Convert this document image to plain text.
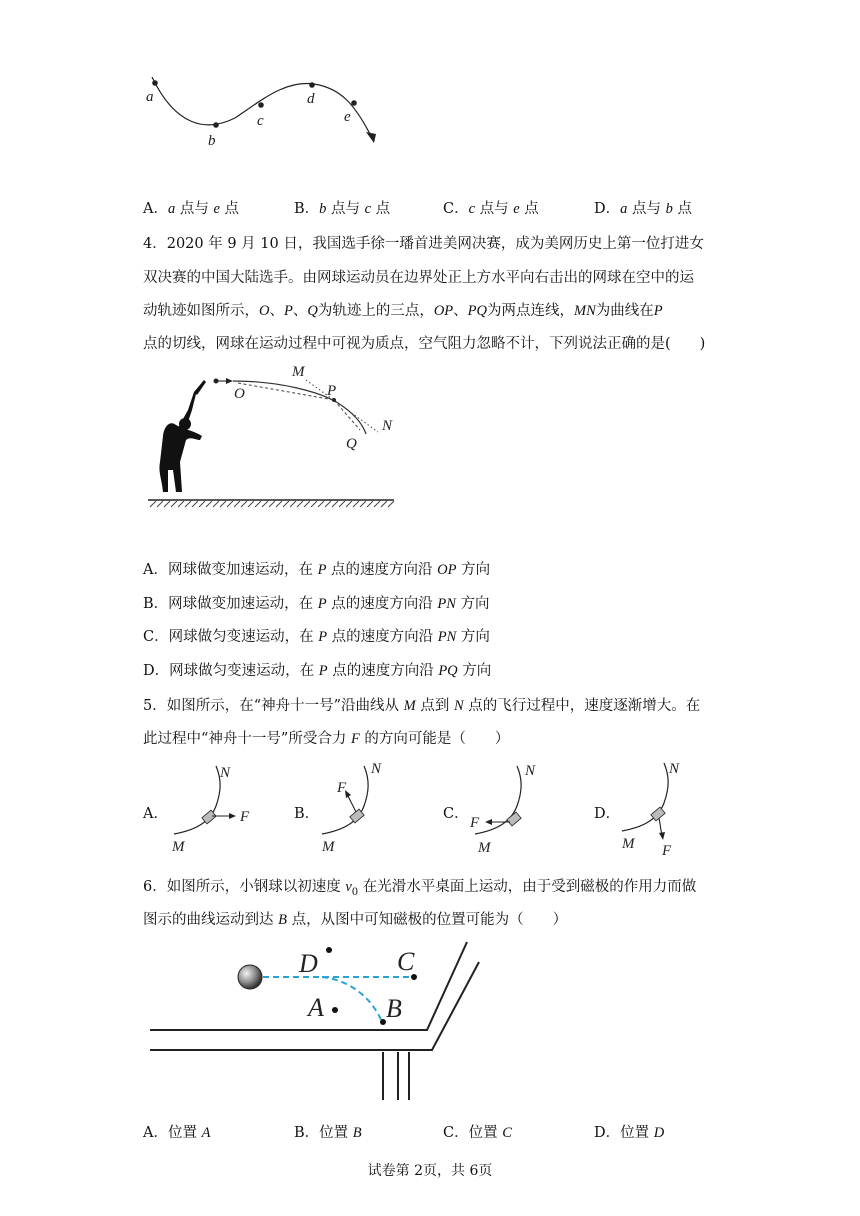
a
b
c
d
e
A．a 点与 e 点	B．b 点与 c 点	C．c 点与 e 点	D．a 点与 b 点
4．2020 年 9 月 10 日，我国选手徐一璠首进美网决赛，成为美网历史上第一位打进女
双决赛的中国大陆选手。由网球运动员在边界处正上方水平向右击出的网球在空中的运
动轨迹如图所示，O、P、Q为轨迹上的三点，OP、PQ为两点连线，MN为曲线在P
点的切线，网球在运动过程中可视为质点，空气阻力忽略不计，下列说法正确的是(　　)
M
P
O
N
Q
A．网球做变加速运动，在 P 点的速度方向沿 OP 方向
B．网球做变加速运动，在 P 点的速度方向沿 PN 方向
C．网球做匀变速运动，在 P 点的速度方向沿 PN 方向
D．网球做匀变速运动，在 P 点的速度方向沿 PQ 方向
5．如图所示，在“神舟十一号”沿曲线从 M 点到 N 点的飞行过程中，速度逐渐增大。在
此过程中“神舟十一号”所受合力 F 的方向可能是（　　）
A．	B．	C．	D．
N
M
F
N
M
F
N
M
F
N
M F
6．如图所示，小钢球以初速度 $v_0$ 在光滑水平桌面上运动，由于受到磁极的作用力而做
图示的曲线运动到达 B 点，从图中可知磁极的位置可能为（　　）
D	C
A B
A．位置 A	B．位置 B	C．位置 C	D．位置 D
试卷第 2页，共 6页
